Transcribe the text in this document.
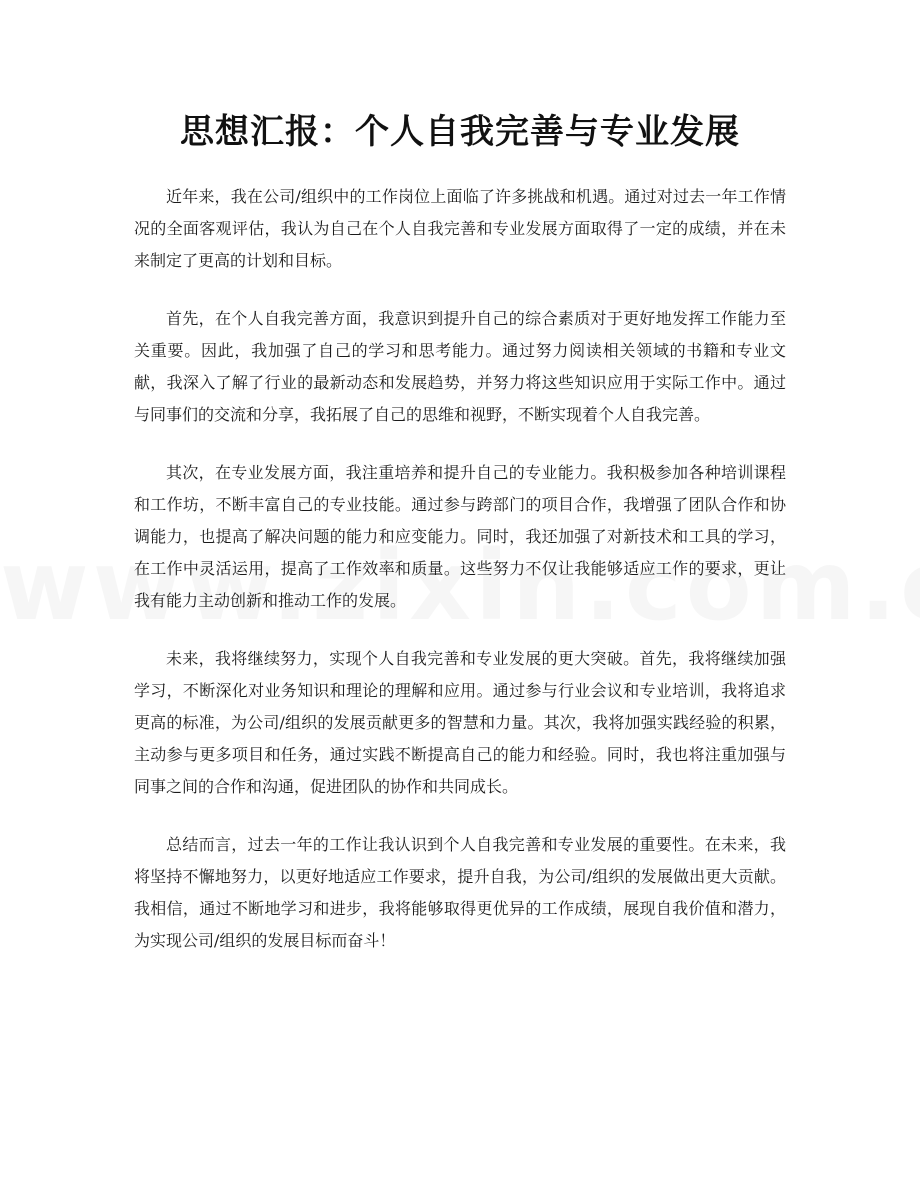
思想汇报：个人自我完善与专业发展

近年来，我在公司/组织中的工作岗位上面临了许多挑战和机遇。通过对过去一年工作情况的全面客观评估，我认为自己在个人自我完善和专业发展方面取得了一定的成绩，并在未来制定了更高的计划和目标。

首先，在个人自我完善方面，我意识到提升自己的综合素质对于更好地发挥工作能力至关重要。因此，我加强了自己的学习和思考能力。通过努力阅读相关领域的书籍和专业文献，我深入了解了行业的最新动态和发展趋势，并努力将这些知识应用于实际工作中。通过与同事们的交流和分享，我拓展了自己的思维和视野，不断实现着个人自我完善。

其次，在专业发展方面，我注重培养和提升自己的专业能力。我积极参加各种培训课程和工作坊，不断丰富自己的专业技能。通过参与跨部门的项目合作，我增强了团队合作和协调能力，也提高了解决问题的能力和应变能力。同时，我还加强了对新技术和工具的学习，在工作中灵活运用，提高了工作效率和质量。这些努力不仅让我能够适应工作的要求，更让我有能力主动创新和推动工作的发展。

未来，我将继续努力，实现个人自我完善和专业发展的更大突破。首先，我将继续加强学习，不断深化对业务知识和理论的理解和应用。通过参与行业会议和专业培训，我将追求更高的标准，为公司/组织的发展贡献更多的智慧和力量。其次，我将加强实践经验的积累，主动参与更多项目和任务，通过实践不断提高自己的能力和经验。同时，我也将注重加强与同事之间的合作和沟通，促进团队的协作和共同成长。

总结而言，过去一年的工作让我认识到个人自我完善和专业发展的重要性。在未来，我将坚持不懈地努力，以更好地适应工作要求，提升自我，为公司/组织的发展做出更大贡献。我相信，通过不断地学习和进步，我将能够取得更优异的工作成绩，展现自我价值和潜力，为实现公司/组织的发展目标而奋斗！
